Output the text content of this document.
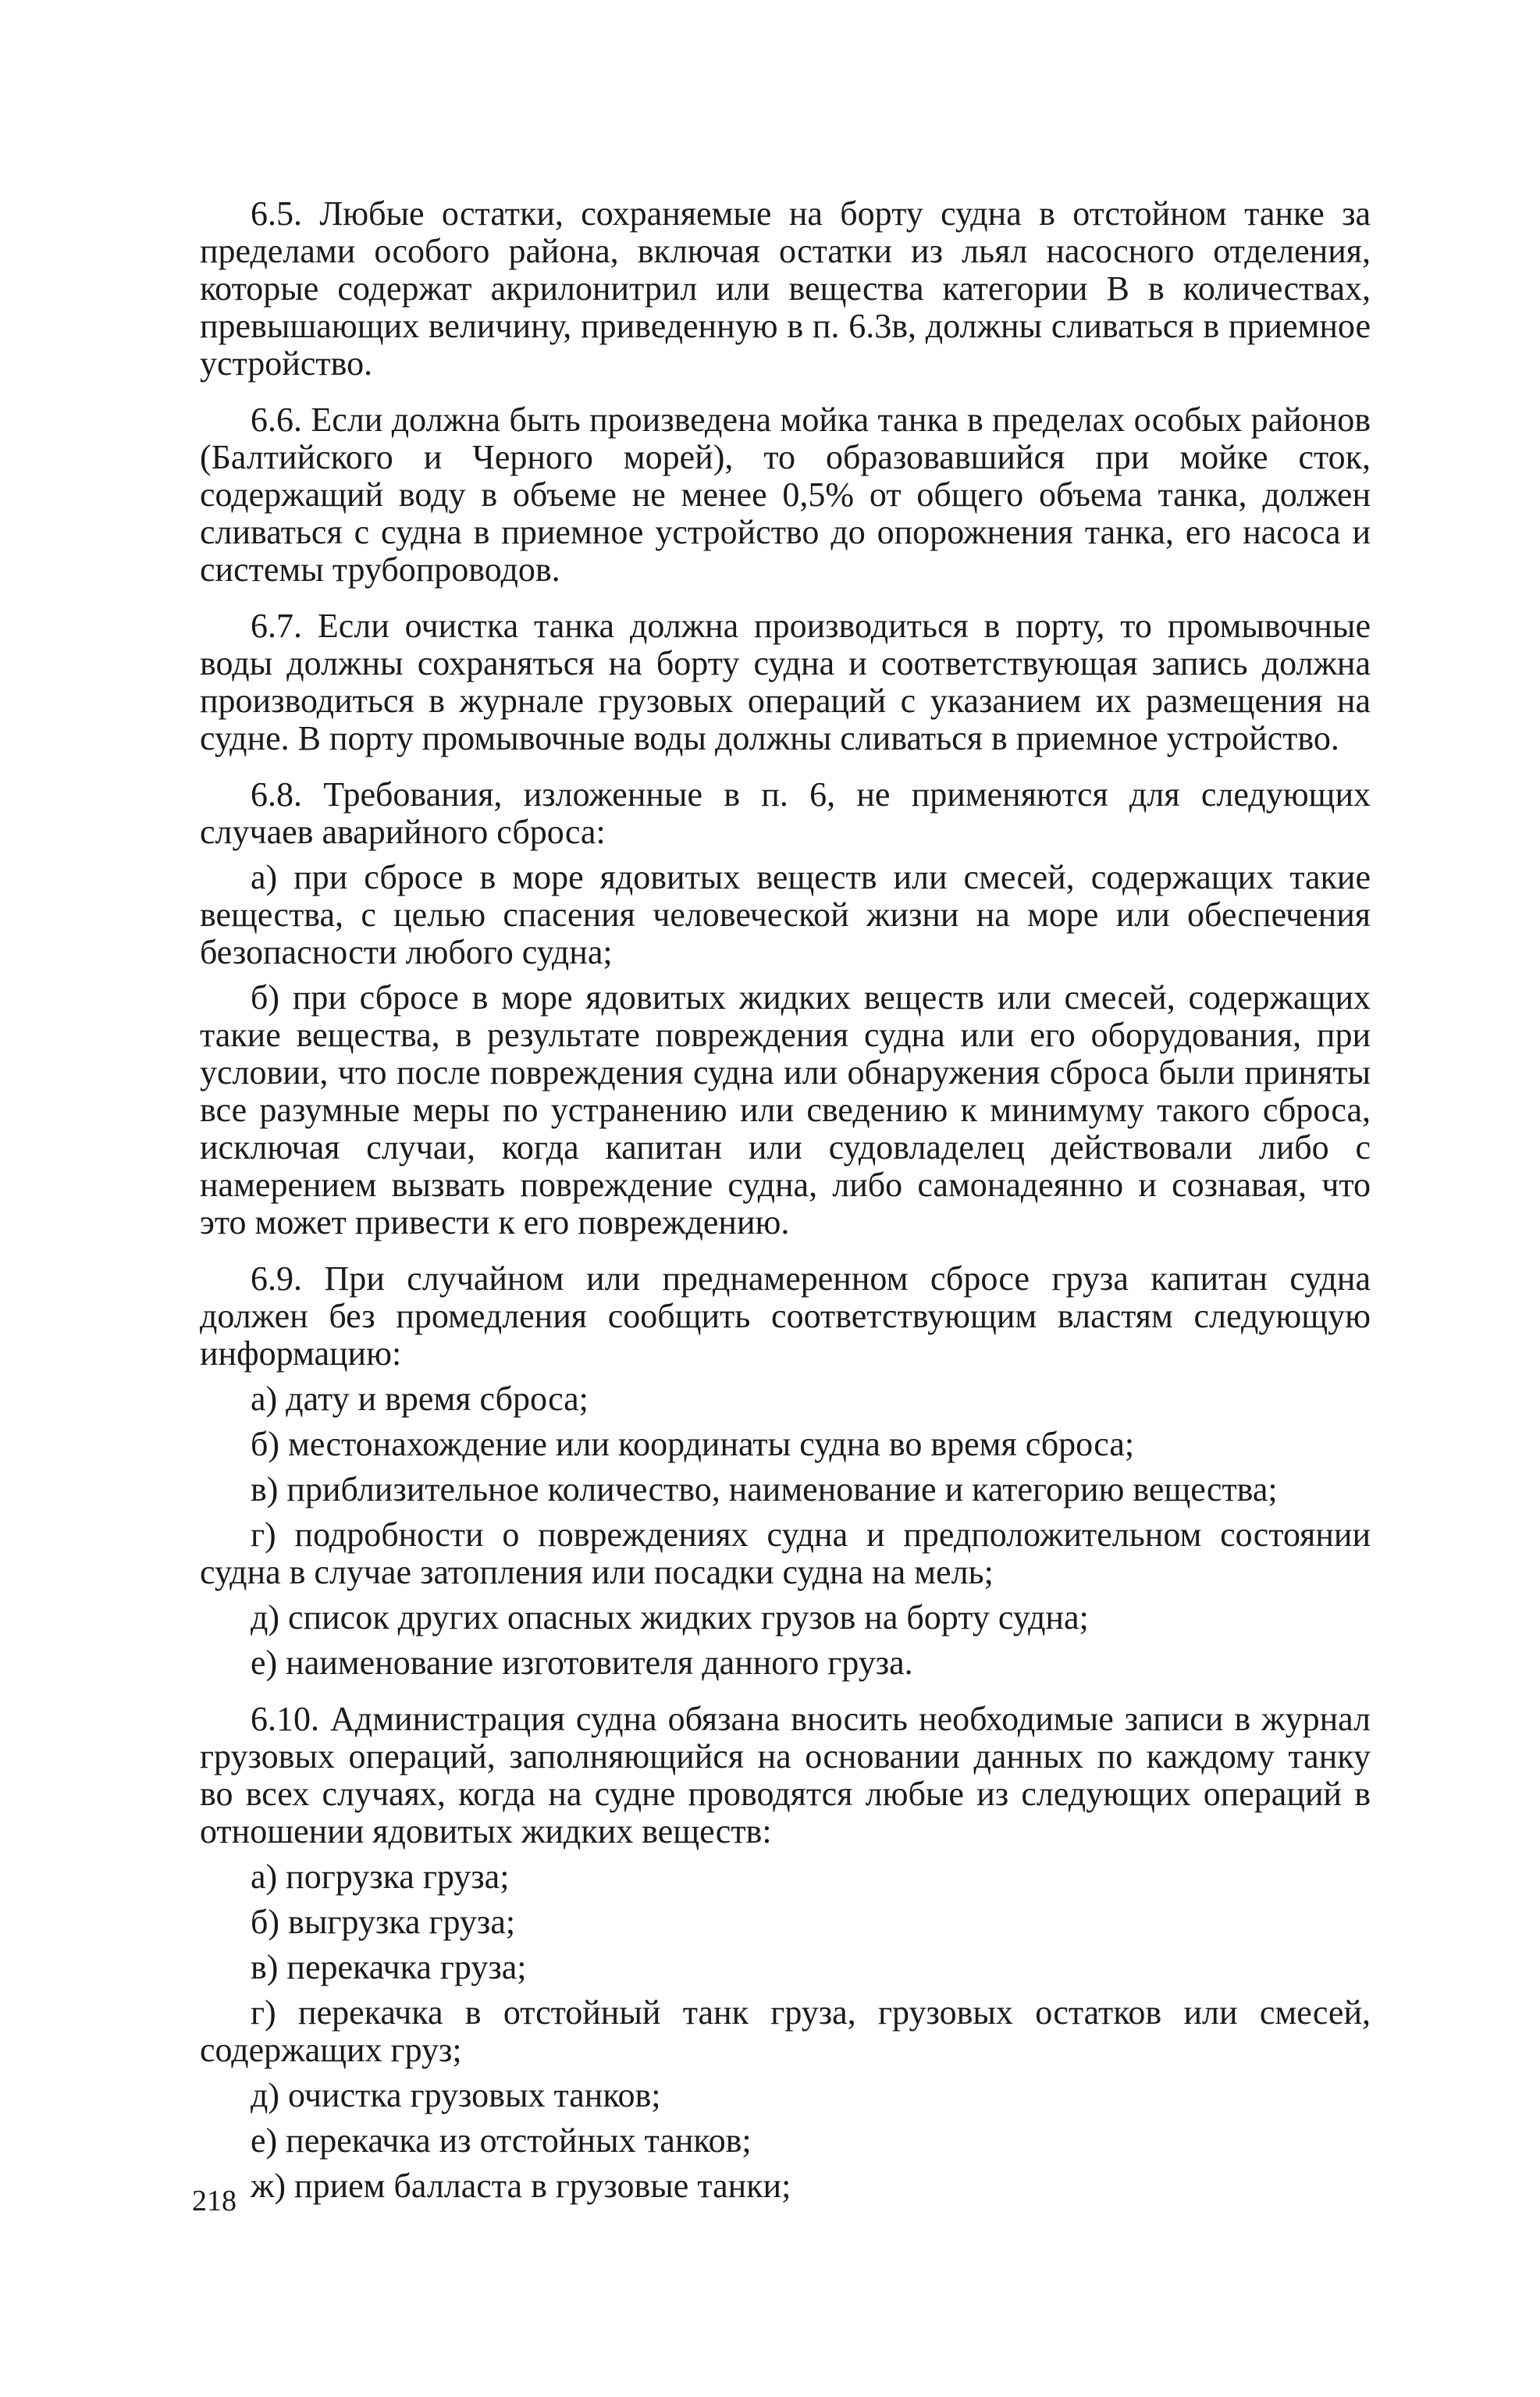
6.5. Любые остатки, сохраняемые на борту судна в отстойном танке за пределами особого района, включая остатки из льял насосного отделения, которые содержат акрилонитрил или вещества категории В в количествах, превышающих величину, приведенную в п. 6.3в, должны сливаться в приемное устройство.

6.6. Если должна быть произведена мойка танка в пределах особых районов (Балтийского и Черного морей), то образовавшийся при мойке сток, содержащий воду в объеме не менее 0,5% от общего объема танка, должен сливаться с судна в приемное устройство до опорожнения танка, его насоса и системы трубопроводов.

6.7. Если очистка танка должна производиться в порту, то промывочные воды должны сохраняться на борту судна и соответствующая запись должна производиться в журнале грузовых операций с указанием их размещения на судне. В порту промывочные воды должны сливаться в приемное устройство.

6.8. Требования, изложенные в п. 6, не применяются для следующих случаев аварийного сброса:

а) при сбросе в море ядовитых веществ или смесей, содержащих такие вещества, с целью спасения человеческой жизни на море или обеспечения безопасности любого судна;

б) при сбросе в море ядовитых жидких веществ или смесей, содержащих такие вещества, в результате повреждения судна или его оборудования, при условии, что после повреждения судна или обнаружения сброса были приняты все разумные меры по устранению или сведению к минимуму такого сброса, исключая случаи, когда капитан или судовладелец действовали либо с намерением вызвать повреждение судна, либо самонадеянно и сознавая, что это может привести к его повреждению.

6.9. При случайном или преднамеренном сбросе груза капитан судна должен без промедления сообщить соответствующим властям следующую информацию:

а) дату и время сброса;

б) местонахождение или координаты судна во время сброса;

в) приблизительное количество, наименование и категорию вещества;

г) подробности о повреждениях судна и предположительном состоянии судна в случае затопления или посадки судна на мель;

д) список других опасных жидких грузов на борту судна;

е) наименование изготовителя данного груза.

6.10. Администрация судна обязана вносить необходимые записи в журнал грузовых операций, заполняющийся на основании данных по каждому танку во всех случаях, когда на судне проводятся любые из следующих операций в отношении ядовитых жидких веществ:

а) погрузка груза;

б) выгрузка груза;

в) перекачка груза;

г) перекачка в отстойный танк груза, грузовых остатков или смесей, содержащих груз;

д) очистка грузовых танков;

е) перекачка из отстойных танков;

ж) прием балласта в грузовые танки;

218
